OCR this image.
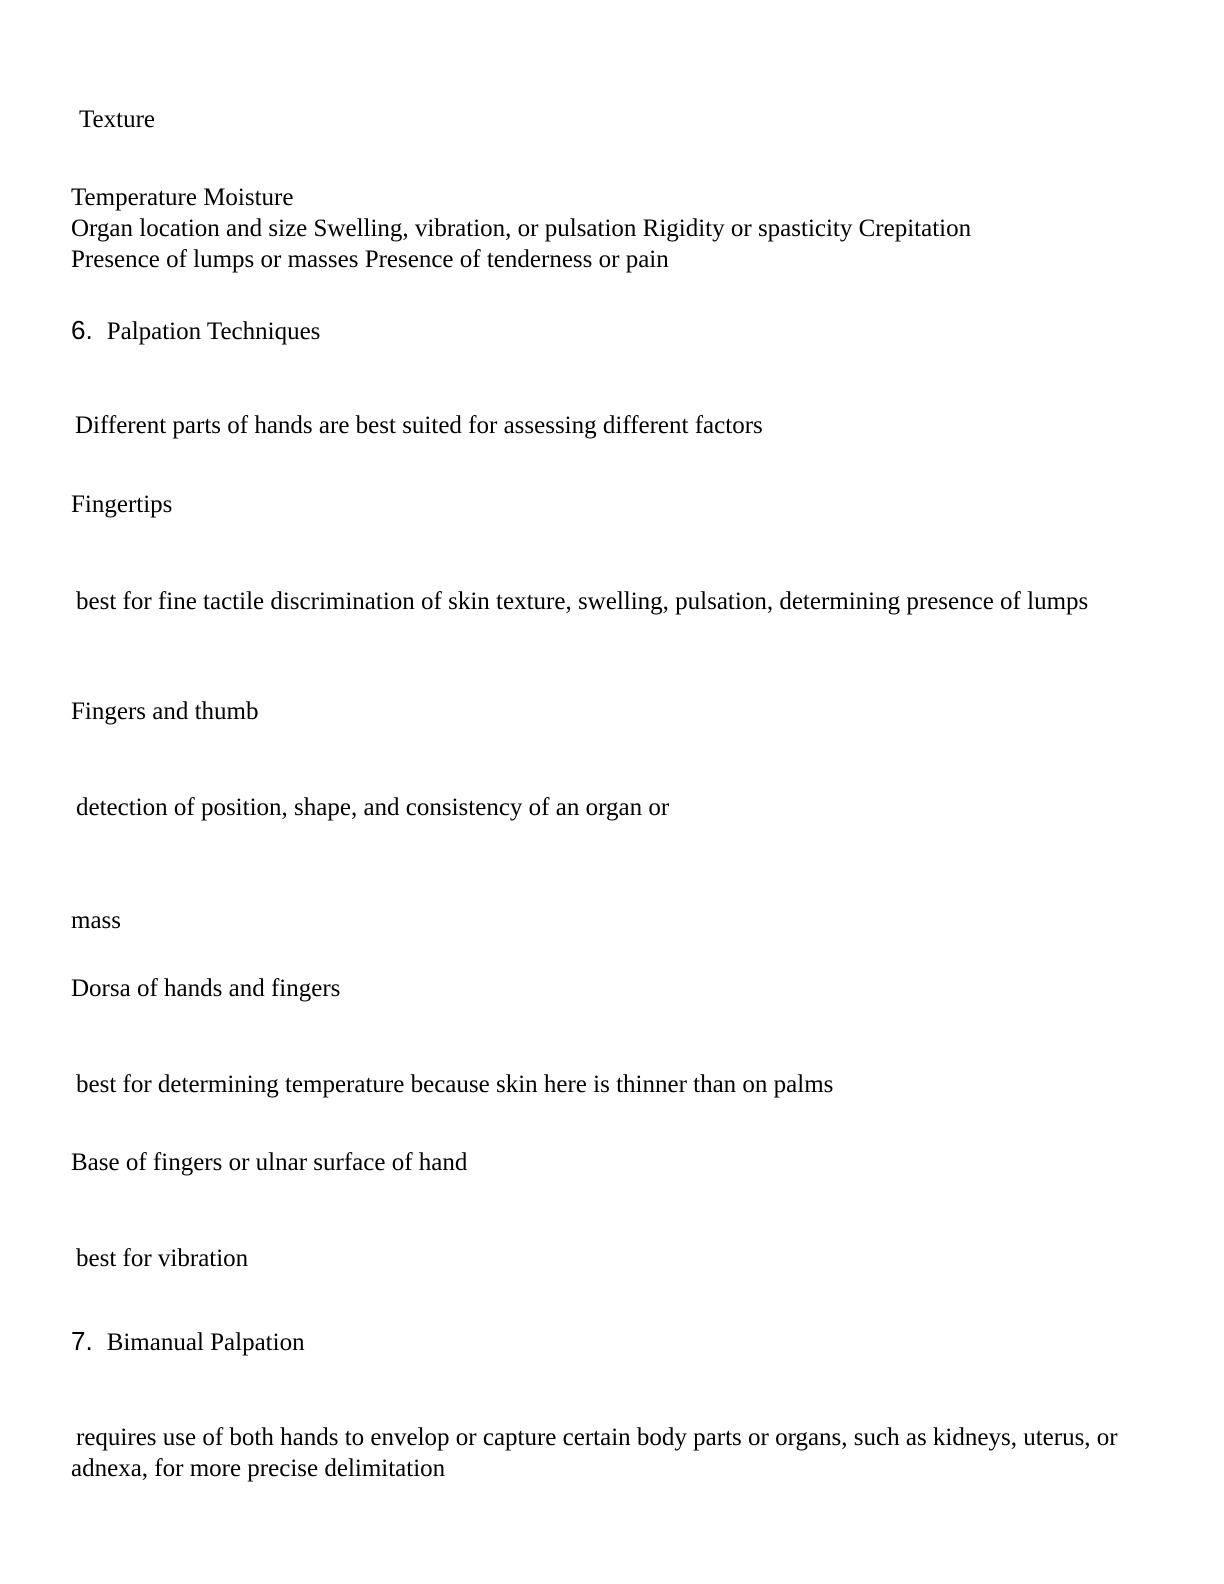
Texture

Temperature Moisture

Organ location and size Swelling, vibration, or pulsation Rigidity or spasticity Crepitation

Presence of lumps or masses Presence of tenderness or pain

6. Palpation Techniques

Different parts of hands are best suited for assessing different factors

Fingertips

best for fine tactile discrimination of skin texture, swelling, pulsation, determining presence of lumps

Fingers and thumb

detection of position, shape, and consistency of an organ or

mass

Dorsa of hands and fingers

best for determining temperature because skin here is thinner than on palms

Base of fingers or ulnar surface of hand

best for vibration

7. Bimanual Palpation

requires use of both hands to envelop or capture certain body parts or organs, such as kidneys, uterus, or adnexa, for more precise delimitation
